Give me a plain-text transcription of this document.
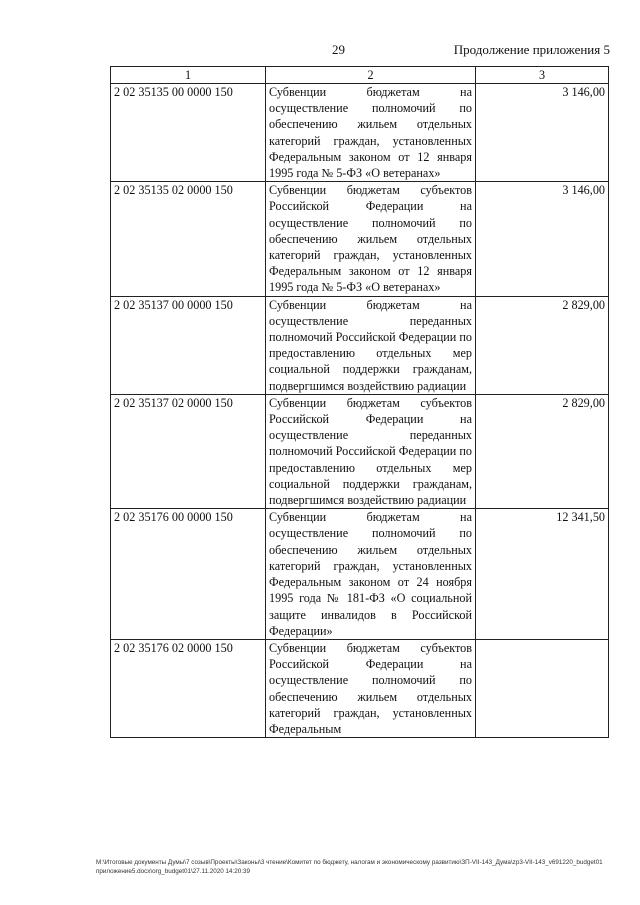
29	Продолжение приложения 5
1	2	3
2 02 35135 00 0000 150	Субвенции бюджетам на осуществление полномочий по обеспечению жильем отдельных категорий граждан, установленных Федеральным законом от 12 января 1995 года № 5-ФЗ «О ветеранах»	3 146,00
2 02 35135 02 0000 150	Субвенции бюджетам субъектов Российской Федерации на осуществление полномочий по обеспечению жильем отдельных категорий граждан, установленных Федеральным законом от 12 января 1995 года № 5-ФЗ «О ветеранах»	3 146,00
2 02 35137 00 0000 150	Субвенции бюджетам на осуществление переданных полномочий Российской Федерации по предоставлению отдельных мер социальной поддержки гражданам, подвергшимся воздействию радиации	2 829,00
2 02 35137 02 0000 150	Субвенции бюджетам субъектов Российской Федерации на осуществление переданных полномочий Российской Федерации по предоставлению отдельных мер социальной поддержки гражданам, подвергшимся воздействию радиации	2 829,00
2 02 35176 00 0000 150	Субвенции бюджетам на осуществление полномочий по обеспечению жильем отдельных категорий граждан, установленных Федеральным законом от 24 ноября 1995 года № 181-ФЗ «О социальной защите инвалидов в Российской Федерации»	12 341,50
2 02 35176 02 0000 150	Субвенции бюджетам субъектов Российской Федерации на осуществление полномочий по обеспечению жильем отдельных категорий граждан, установленных Федеральным	
M:\Итоговые документы Думы\7 созыв\Проекты\Законы\3 чтение\Комитет по бюджету, налогам и экономическому развитию\ЗП-VII-143_Дума\zp3-VII-143_v691220_budget01приложение5.docx\org_budget01\27.11.2020 14:20:39
